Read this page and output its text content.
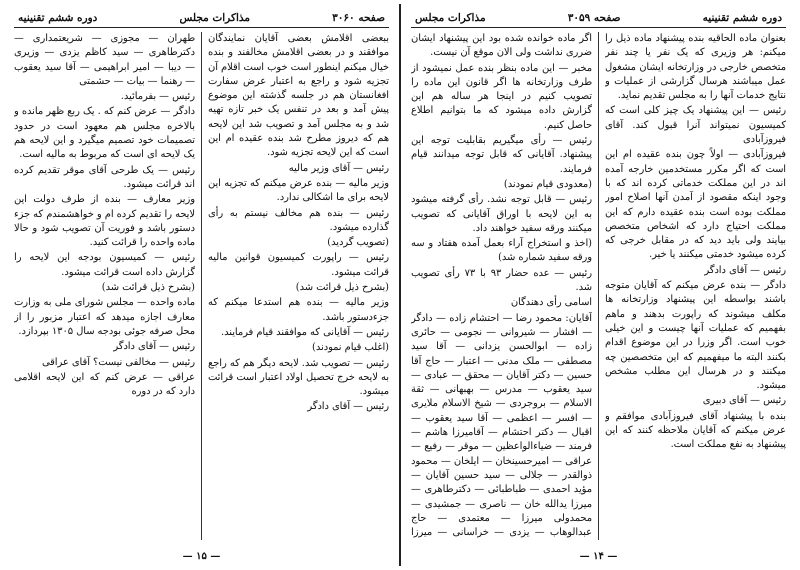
صفحه ۳۰۶۰
مذاکرات مجلس
دوره ششم تقنینیه

ببعضی اقلامش بعضی آقایان نمایندگان موافقند و در بعضی اقلامش مخالفند و بنده خیال میکنم اینطور است خوب است اقلام آن تجزیه شود و راجع به اعتبار عرض سفارت افغانستان هم در جلسه گذشته این موضوع پیش آمد و بعد در تنفس یک خبر تازه تهیه شد و به مجلس آمد و تصویب شد این لایحه هم که دیروز مطرح شد بنده عقیده ام این است که این لایحه تجزیه شود.

رئیس — آقای وزیر مالیه

وزیر مالیه — بنده عرض میکنم که تجزیه این لایحه برای ما اشکالی ندارد.

رئیس — بنده هم مخالف نیستم به رأی گذارده میشود.

(تصویب گردید)

رئیس — راپورت کمیسیون قوانین مالیه قرائت میشود.

(بشرح ذیل قرائت شد)

وزیر مالیه — بنده هم استدعا میکنم که جزءدستور باشد.

رئیس — آقایانی که موافقند قیام فرمایند.

(اغلب قیام نمودند)

رئیس — تصویب شد. لایحه دیگر هم که راجع به لایحه خرج تحصیل اولاد اعتبار است قرائت میشود.

رئیس — آقای دادگر

طهران — مجوزی — شریعتمداری — دکترطاهری — سید کاظم یزدی — وزیری — دیبا — امیر ابراهیمی — آقا سید یعقوب — رهنما — بیات — حشمتی

رئیس — بفرمائید.

دادگر — عرض کنم که . یک ربع ظهر مانده و بالاخره مجلس هم معهود است در حدود تصمیمات خود تصمیم میگیرد و این لایحه هم یک لایحه ای است که مربوط به مالیه است.

رئیس — یک طرحی آقای موقر تقدیم کرده اند قرائت میشود.

وزیر معارف — بنده از طرف دولت این لایحه را تقدیم کرده ام و خواهشمندم که جزء دستور باشد و فوریت آن تصویب شود و حالا ماده واحده را قرائت کنید.

رئیس — کمیسیون بودجه این لایحه را گزارش داده است قرائت میشود.

(بشرح ذیل قرائت شد)

ماده واحده — مجلس شورای ملی به وزارت معارف اجازه میدهد که اعتبار مزبور را از محل صرفه جوئی بودجه سال ۱۳۰۵ بپردازد.

رئیس — آقای دادگر

رئیس — مخالفی نیست؟ آقای عراقی

عراقی — عرض کنم که این لایحه اقلامی دارد که در دوره

— ۱۵ —
دوره ششم تقنینیه
صفحه ۳۰۵۹
مذاکرات مجلس

بعنوان ماده الحاقیه بنده پیشنهاد ماده ذیل را میکنم: هر وزیری که یک نفر یا چند نفر متخصص خارجی در وزارتخانه ایشان مشغول عمل میباشند هرسال گزارشی از عملیات و نتایج خدمات آنها را به مجلس تقدیم نماید.

رئیس — این پیشنهاد یک چیز کلی است که کمیسیون نمیتواند آنرا قبول کند. آقای فیروزآبادی

فیروزآبادی — اولاً چون بنده عقیده ام این است که اگر مکرر مستخدمین خارجه آمده اند در این مملکت خدماتی کرده اند که با وجود اینکه مقصود از آمدن آنها اصلاح امور مملکت بوده است بنده عقیده دارم که این مملکت احتیاج دارد که اشخاص متخصص بیایند ولی باید دید که در مقابل خرجی که کرده میشود خدمتی میکنند یا خیر.

رئیس — آقای دادگر

دادگر — بنده عرض میکنم که آقایان متوجه باشند بواسطه این پیشنهاد وزارتخانه ها مکلف میشوند که راپورت بدهند و ماهم بفهمیم که عملیات آنها چیست و این خیلی خوب است. اگر وزرا در این موضوع اقدام بکنند البته ما میفهمیم که این متخصصین چه میکنند و در هرسال این مطلب مشخص میشود.

رئیس — آقای دبیری

بنده با پیشنهاد آقای فیروزآبادی موافقم و عرض میکنم که آقایان ملاحظه کنند که این پیشنهاد به نفع مملکت است.

اگر ماده خوانده شده بود این پیشنهاد ایشان ضرری نداشت ولی الان موقع آن نیست.

مخبر — این ماده بنظر بنده عمل نمیشود از طرف وزارتخانه ها اگر قانون این ماده را تصویب کنیم در اینجا هر ساله هم این گزارش داده میشود که ما بتوانیم اطلاع حاصل کنیم.

رئیس — رأی میگیریم بقابلیت توجه این پیشنهاد. آقایانی که قابل توجه میدانند قیام فرمایند.

(معدودی قیام نمودند)

رئیس — قابل توجه نشد. رأی گرفته میشود به این لایحه با اوراق آقایانی که تصویب میکنند ورقه سفید خواهند داد.

(اخذ و استخراج آراء بعمل آمده هفتاد و سه ورقه سفید شماره شد)

رئیس — عده حضار ۹۳ با ۷۳ رأی تصویب شد.

اسامی رأی دهندگان

آقایان: محمود رضا — احتشام زاده — دادگر — افشار — شیروانی — نجومی — حائری زاده — ابوالحسن یزدانی — آقا سید مصطفی — ملک مدنی — اعتبار — حاج آقا حسین — دکتر آقایان — محقق — عبادی — سید یعقوب — مدرس — بهبهانی — ثقة الاسلام — بروجردی — شیخ الاسلام ملایری — افسر — اعظمی — آقا سید یعقوب — اقبال — دکتر احتشام — آقامیرزا هاشم — فرمند — ضیاءالواعظین — موقر — رفیع — عراقی — امیرحسینخان — ایلخان — محمود ذوالقدر — جلالی — سید حسین آقایان — مؤید احمدی — طباطبائی — دکترطاهری — میرزا یدالله خان — ناصری — جمشیدی — محمدولی میرزا — معتمدی — حاج عبدالوهاب — یزدی — خراسانی — میرزا

— ۱۴ —
